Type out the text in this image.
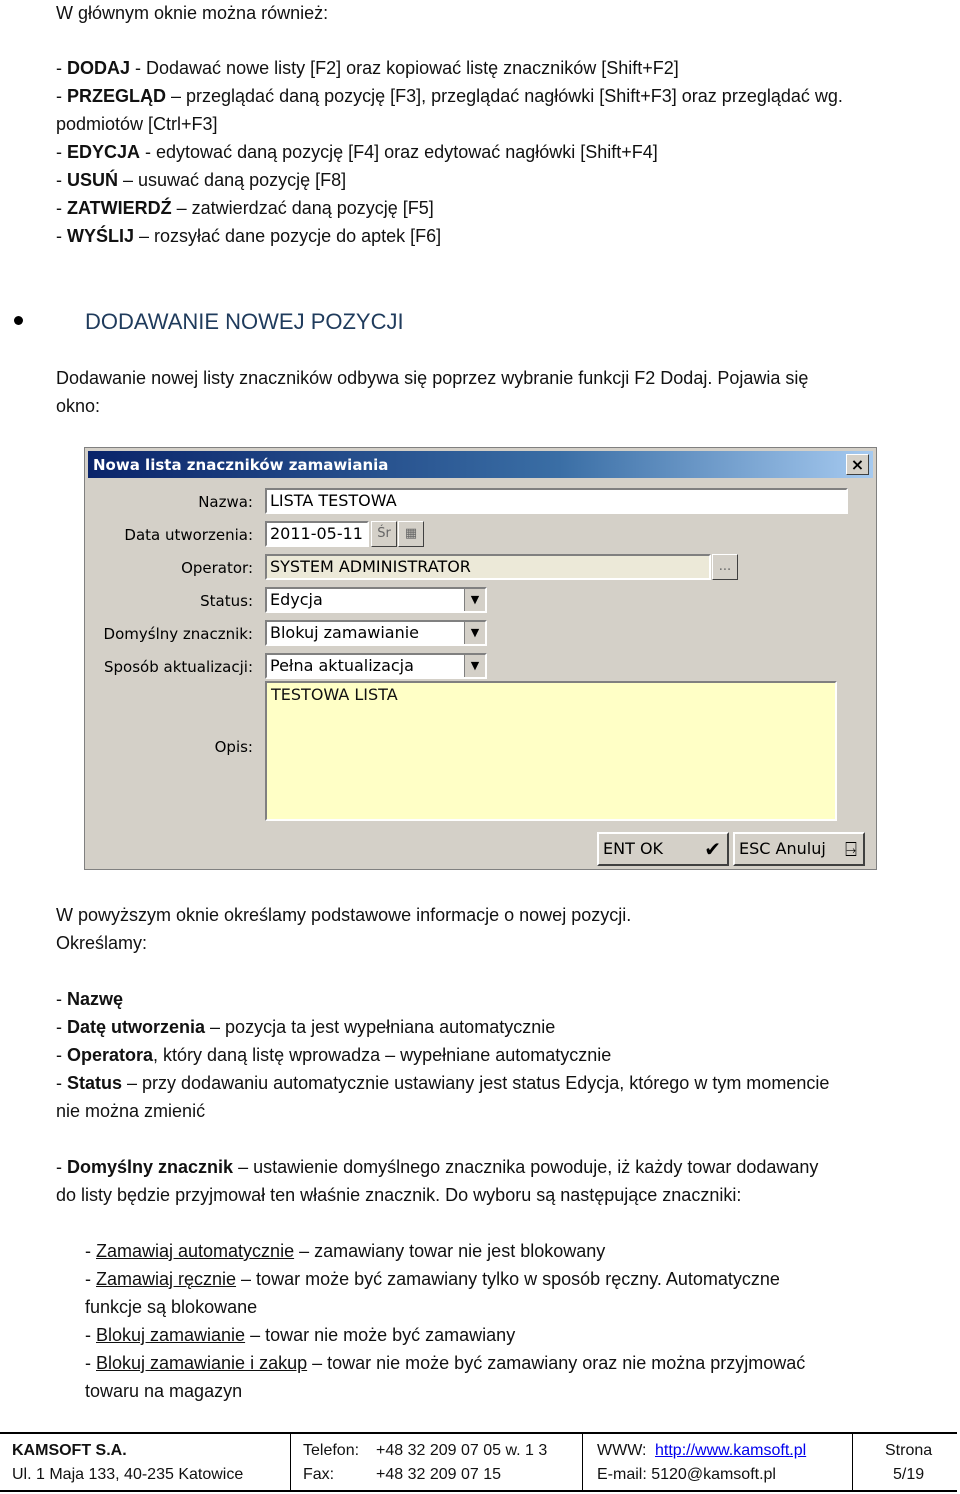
W głównym oknie można również:
- DODAJ - Dodawać nowe listy [F2] oraz kopiować listę znaczników [Shift+F2]
- PRZEGLĄD – przeglądać daną pozycję [F3], przeglądać nagłówki [Shift+F3] oraz przeglądać wg.
podmiotów [Ctrl+F3]
- EDYCJA - edytować daną pozycję [F4] oraz edytować nagłówki [Shift+F4]
- USUŃ – usuwać daną pozycję [F8]
- ZATWIERDŹ – zatwierdzać daną pozycję [F5]
- WYŚLIJ – rozsyłać dane pozycje do aptek [F6]
DODAWANIE NOWEJ POZYCJI
Dodawanie nowej listy znaczników odbywa się poprzez wybranie funkcji F2 Dodaj. Pojawia się
okno:
Nowa lista znaczników zamawiania	×
Nazwa:	LISTA TESTOWA
Data utworzenia:	2011-05-11	Śr	▦
Operator:	SYSTEM ADMINISTRATOR	...
Status:	Edycja	▼
Domyślny znacznik:	Blokuj zamawianie	▼
Sposób aktualizacji:	Pełna aktualizacja	▼
Opis:
TESTOWA LISTA
ENT OK ✔	ESC Anuluj ⍈
W powyższym oknie określamy podstawowe informacje o nowej pozycji.
Określamy:
- Nazwę
- Datę utworzenia – pozycja ta jest wypełniana automatycznie
- Operatora, który daną listę wprowadza – wypełniane automatycznie
- Status – przy dodawaniu automatycznie ustawiany jest status Edycja, którego w tym momencie
nie można zmienić
- Domyślny znacznik – ustawienie domyślnego znacznika powoduje, iż każdy towar dodawany
do listy będzie przyjmował ten właśnie znacznik. Do wyboru są następujące znaczniki:
- Zamawiaj automatycznie – zamawiany towar nie jest blokowany
- Zamawiaj ręcznie – towar może być zamawiany tylko w sposób ręczny. Automatyczne
funkcje są blokowane
- Blokuj zamawianie – towar nie może być zamawiany
- Blokuj zamawianie i zakup – towar nie może być zamawiany oraz nie można przyjmować
towaru na magazyn
KAMSOFT S.A.
Ul. 1 Maja 133, 40-235 Katowice
Telefon: +48 32 209 07 05 w. 1 3
Fax:	+48 32 209 07 15
WWW: http://www.kamsoft.pl
E-mail: 5120@kamsoft.pl
Strona
5/19
